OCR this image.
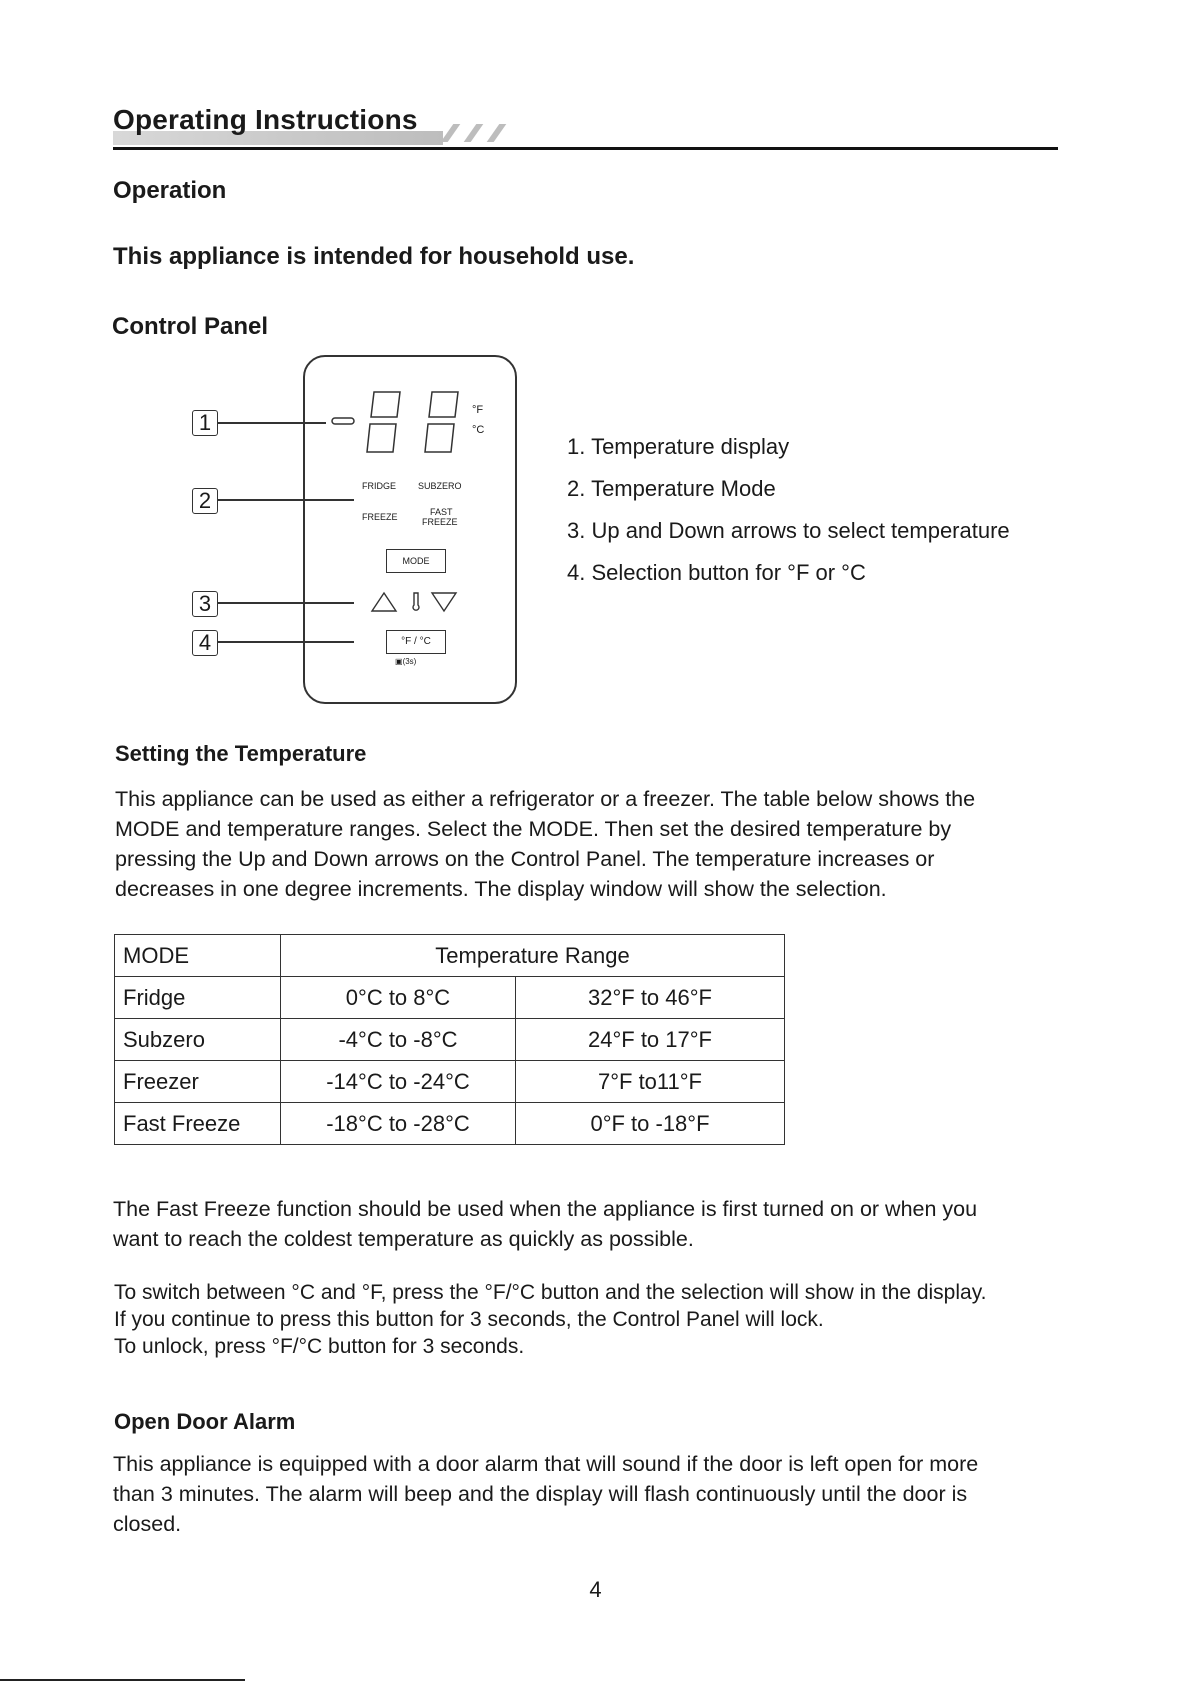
Operating Instructions
Operation
This appliance is intended for household use.
Control Panel
°F
°C
FRIDGE SUBZERO
FREEZE	FAST
FREEZE
MODE
°F / °C
▣(3s)
1
2
3
4
1. Temperature display
2. Temperature Mode
3. Up and Down arrows to select temperature
4. Selection button for °F or °C
Setting the Temperature
This appliance can be used as either a refrigerator or a freezer. The table below shows the
MODE and temperature ranges. Select the MODE. Then set the desired temperature by
pressing the Up and Down arrows on the Control Panel. The temperature increases or
decreases in one degree increments. The display window will show the selection.
MODE	Temperature Range	
Fridge	0°C to 8°C	32°F to 46°F
Subzero	-4°C to -8°C	24°F to 17°F
Freezer	-14°C to -24°C	7°F to11°F
Fast Freeze	-18°C to -28°C	0°F to -18°F
The Fast Freeze function should be used when the appliance is first turned on or when you
want to reach the coldest temperature as quickly as possible.
To switch between °C and °F, press the °F/°C button and the selection will show in the display.
If you continue to press this button for 3 seconds, the Control Panel will lock.
To unlock, press °F/°C button for 3 seconds.
Open Door Alarm
This appliance is equipped with a door alarm that will sound if the door is left open for more
than 3 minutes. The alarm will beep and the display will flash continuously until the door is
closed.
4
